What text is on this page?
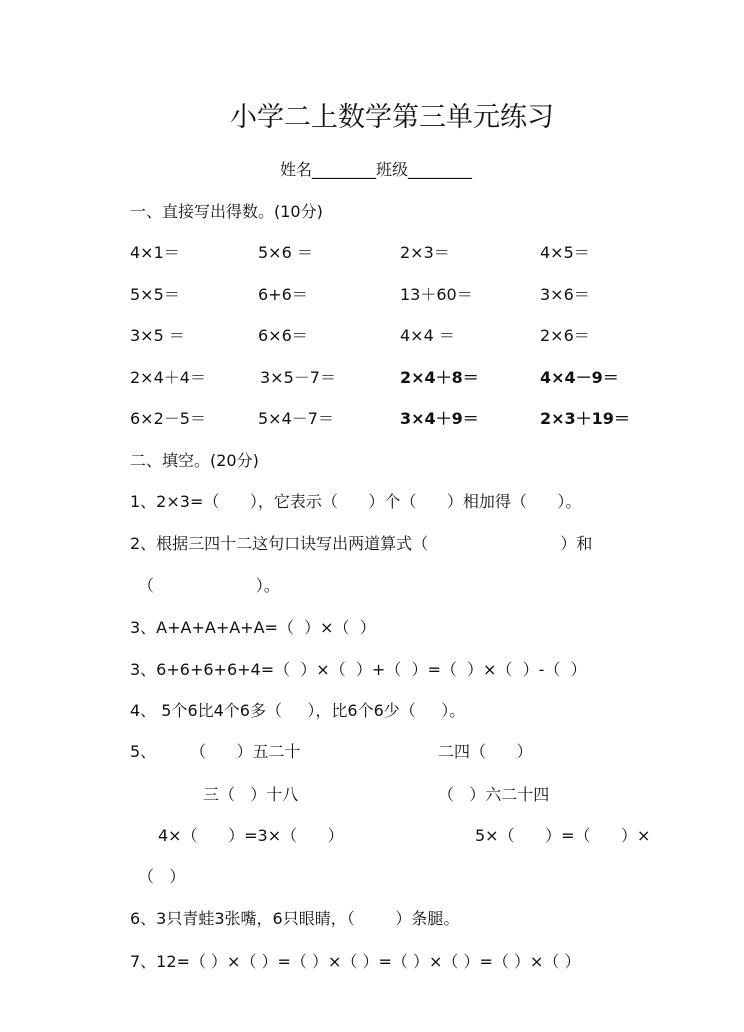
小学二上数学第三单元练习
姓名________班级________
一、直接写出得数。(10分)
4×1＝	5×6 ＝	2×3＝	4×5＝
5×5＝	6+6＝	13＋60＝	3×6＝
3×5 ＝	6×6＝	4×4 ＝	2×6＝
2×4＋4＝	3×5－7＝	2×4＋8＝	4×4－9＝
6×2－5＝	5×4－7＝	3×4＋9＝	2×3＋19＝
二、填空。(20分)
1、2×3=（      ），它表示（      ）个（      ）相加得（      ）。
2、根据三四十二这句口诀写出两道算式（                          ）和
（                    ）。
3、A+A+A+A+A=（  ）×（  ）
3、6+6+6+6+4=（  ）×（  ）+（  ）=（  ）×（  ）-（  ）
4、 5个6比4个6多（     ），比6个6少（     ）。
5、 （      ）五二十	二四（      ）
三（   ）十八	（   ）六二十四
4×（      ）=3×（      ）	5×（      ）=（      ）×
（   ）
6、3只青蛙3张嘴，6只眼睛，（        ）条腿。
7、12=（ ）×（ ）=（ ）×（ ）=（ ）×（ ）=（ ）×（ ）
